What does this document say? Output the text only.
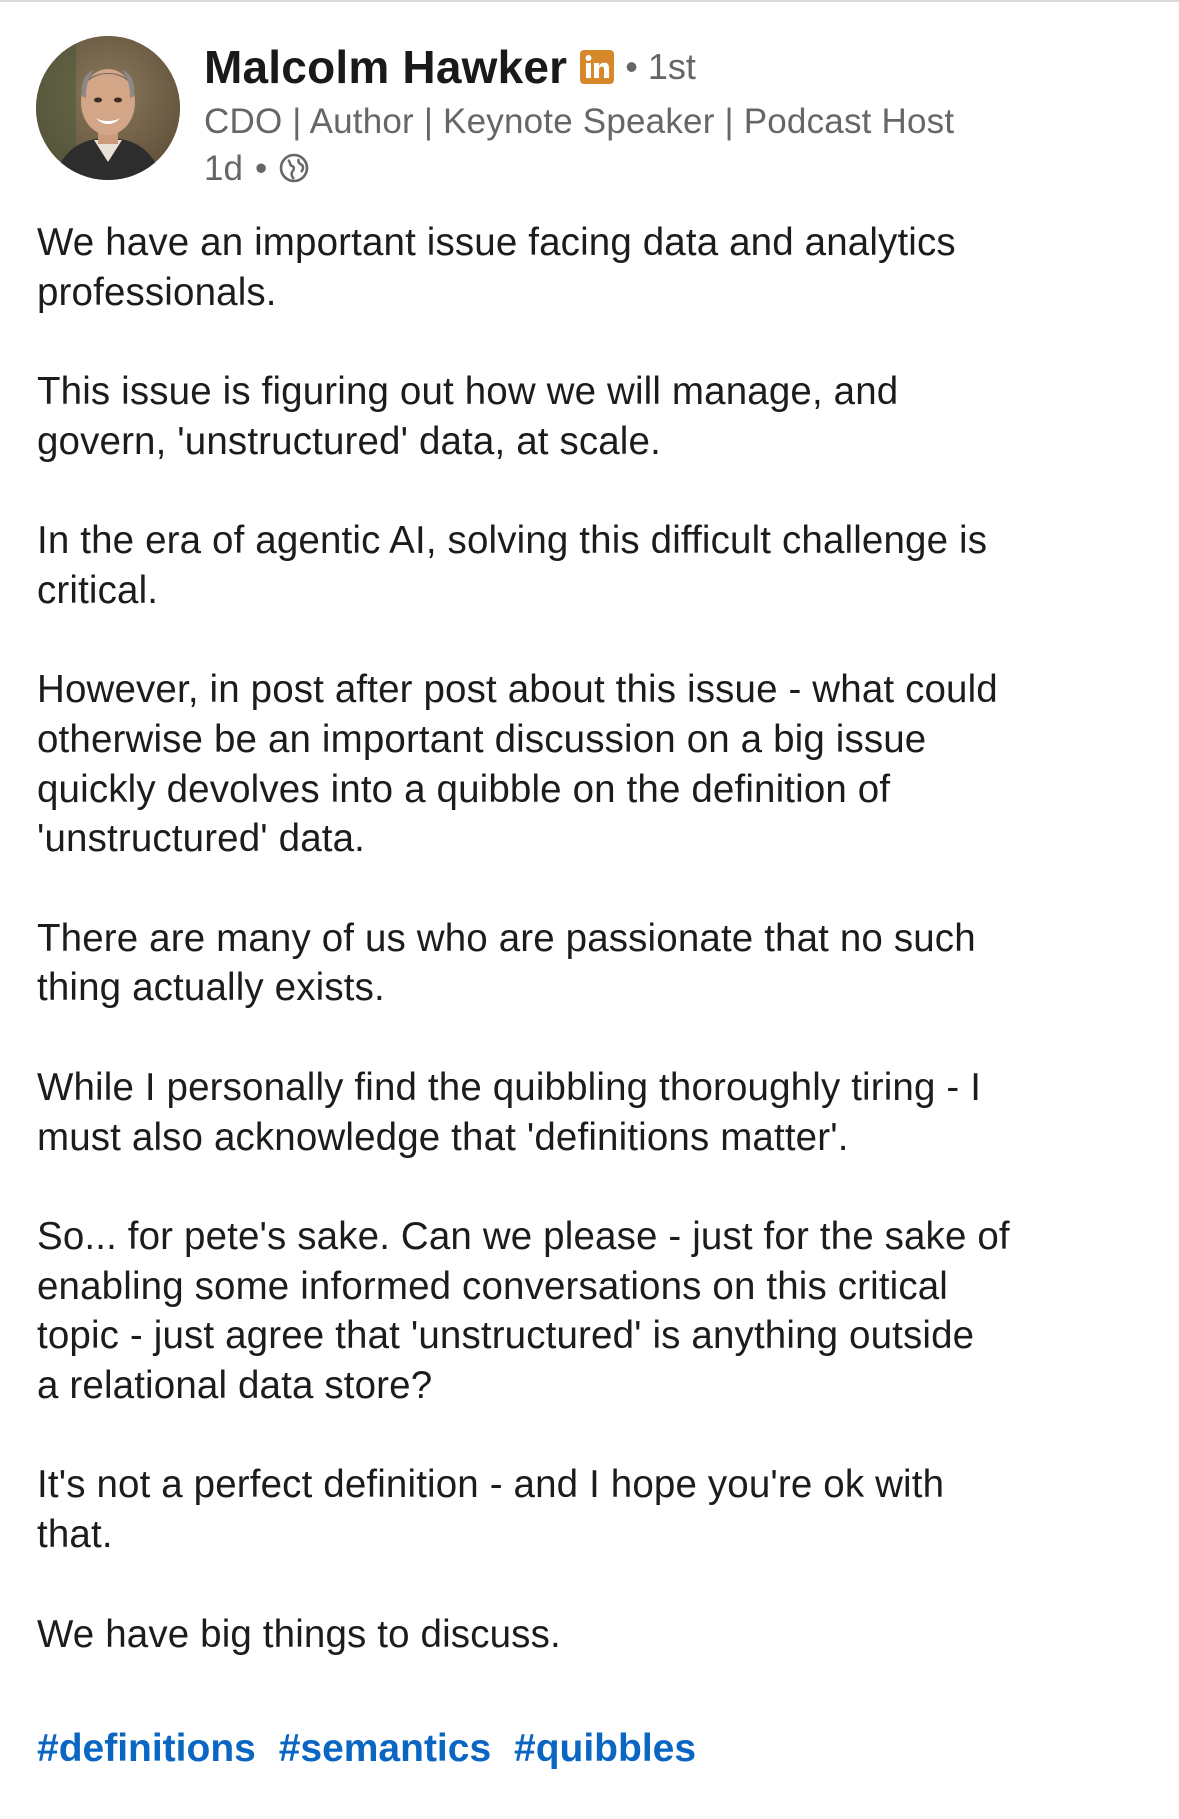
Malcolm Hawker • 1st
CDO | Author | Keynote Speaker | Podcast Host
1d •

We have an important issue facing data and analytics
professionals.

This issue is figuring out how we will manage, and
govern, 'unstructured' data, at scale.

In the era of agentic AI, solving this difficult challenge is
critical.

However, in post after post about this issue - what could
otherwise be an important discussion on a big issue
quickly devolves into a quibble on the definition of
'unstructured' data.

There are many of us who are passionate that no such
thing actually exists.

While I personally find the quibbling thoroughly tiring - I
must also acknowledge that 'definitions matter'.

So... for pete's sake. Can we please - just for the sake of
enabling some informed conversations on this critical
topic - just agree that 'unstructured' is anything outside
a relational data store?

It's not a perfect definition - and I hope you're ok with
that.

We have big things to discuss.

#definitions #semantics #quibbles
